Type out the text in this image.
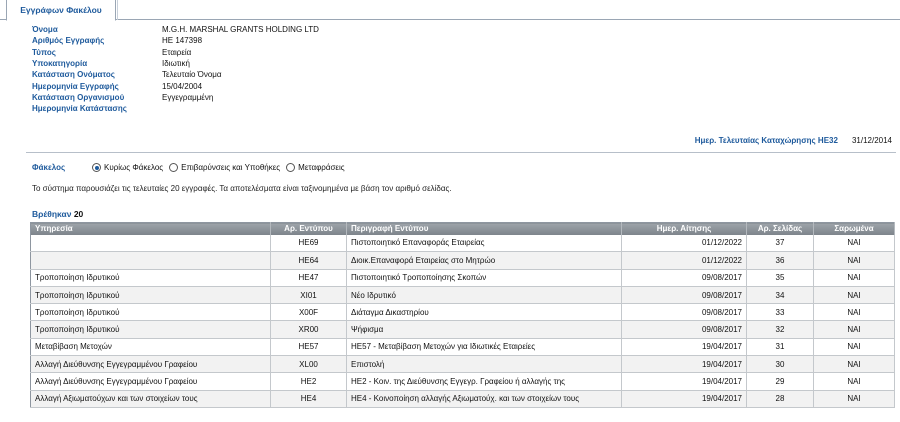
Εγγράφων Φακέλου
Όνομα	M.G.H. MARSHAL GRANTS HOLDING LTD
Αριθμός Εγγραφής	HE 147398
Τύπος	Εταιρεία
Υποκατηγορία	Ιδιωτική
Κατάσταση Ονόματος	Τελευταίο Όνομα
Ημερομηνία Εγγραφής	15/04/2004
Κατάσταση Οργανισμού	Εγγεγραμμένη
Ημερομηνία Κατάστασης
Ημερ. Τελευταίας Καταχώρησης HE32 31/12/2014
Φάκελος	Κυρίως Φάκελος Επιβαρύνσεις και Υποθήκες Μεταφράσεις
Το σύστημα παρουσιάζει τις τελευταίες 20 εγγραφές. Τα αποτελέσματα είναι ταξινομημένα με βάση τον αριθμό σελίδας.
Βρέθηκαν 20
Υπηρεσία	Αρ. Εντύπου	Περιγραφή Εντύπου	Ημερ. Αίτησης	Αρ. Σελίδας	Σαρωμένα
	HE69	Πιστοποιητικό Επαναφοράς Εταιρείας	01/12/2022	37	ΝΑΙ
	HE64	Διοικ.Επαναφορά Εταιρείας στο Μητρώο	01/12/2022	36	ΝΑΙ
Τροποποίηση Ιδρυτικού	HE47	Πιστοποιητικό Τροποποίησης Σκοπών	09/08/2017	35	ΝΑΙ
Τροποποίηση Ιδρυτικού	XI01	Νέο Ιδρυτικό	09/08/2017	34	ΝΑΙ
Τροποποίηση Ιδρυτικού	X00F	Διάταγμα Δικαστηρίου	09/08/2017	33	ΝΑΙ
Τροποποίηση Ιδρυτικού	XR00	Ψήφισμα	09/08/2017	32	ΝΑΙ
Μεταβίβαση Μετοχών	HE57	HE57 - Μεταβίβαση Μετοχών για Ιδιωτικές Εταιρείες	19/04/2017	31	ΝΑΙ
Αλλαγή Διεύθυνσης Εγγεγραμμένου Γραφείου	XL00	Επιστολή	19/04/2017	30	ΝΑΙ
Αλλαγή Διεύθυνσης Εγγεγραμμένου Γραφείου	HE2	HE2 - Κοιν. της Διεύθυνσης Εγγεγρ. Γραφείου ή αλλαγής της	19/04/2017	29	ΝΑΙ
Αλλαγή Αξιωματούχων και των στοιχείων τους	HE4	HE4 - Κοινοποίηση αλλαγής Αξιωματούχ. και των στοιχείων τους	19/04/2017	28	ΝΑΙ
